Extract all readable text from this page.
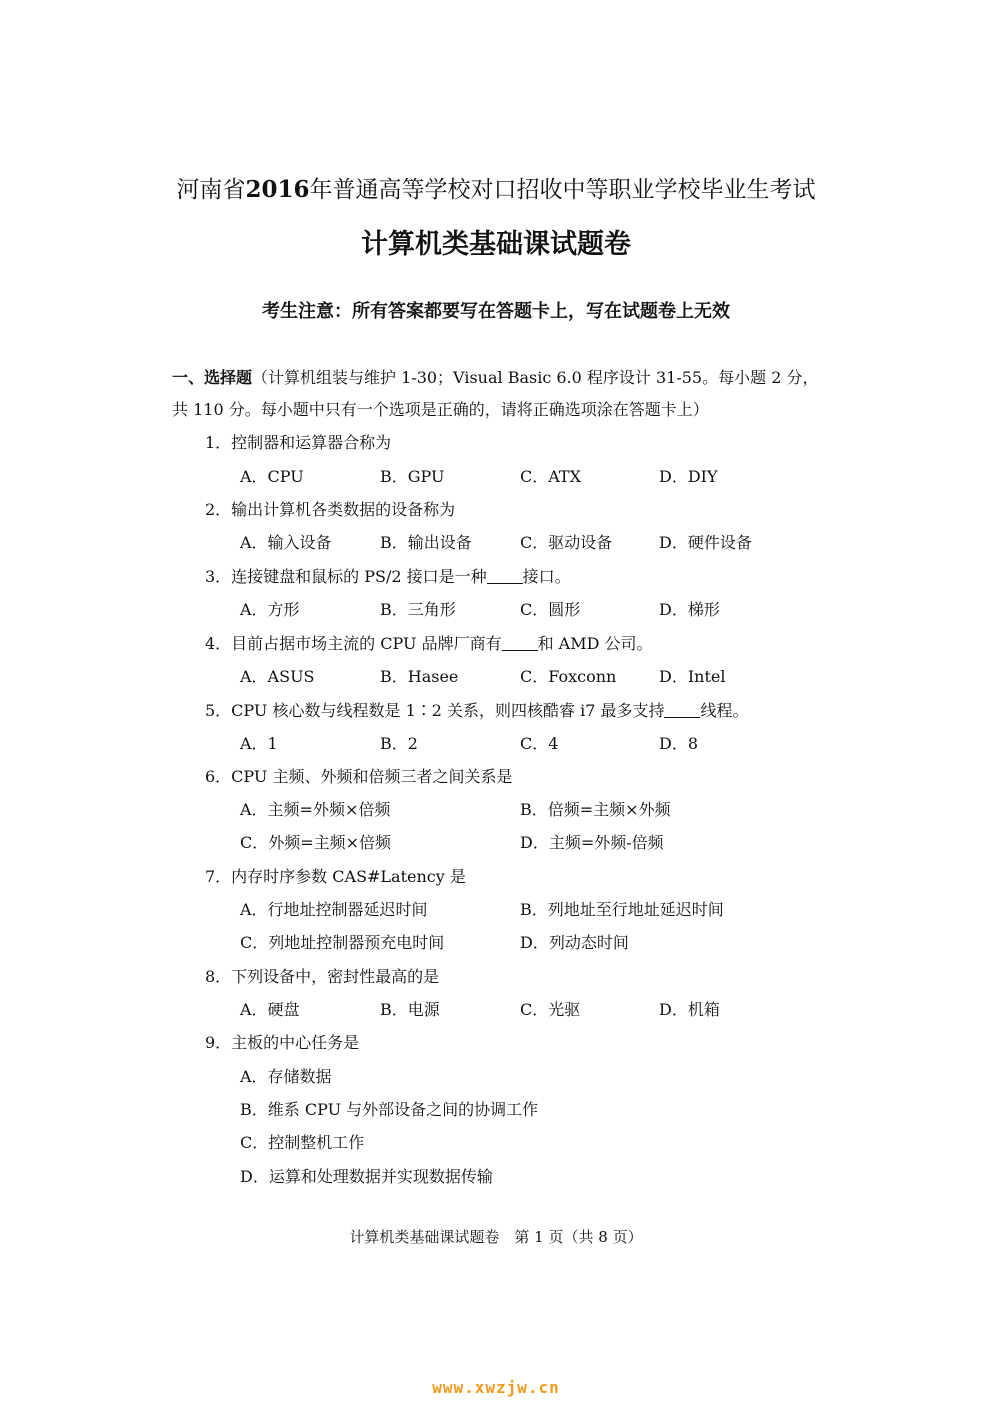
河南省2016年普通高等学校对口招收中等职业学校毕业生考试
计算机类基础课试题卷
考生注意：所有答案都要写在答题卡上，写在试题卷上无效
一、选择题（计算机组装与维护 1-30；Visual Basic 6.0 程序设计 31-55。每小题 2 分，共 110 分。每小题中只有一个选项是正确的，请将正确选项涂在答题卡上）
1．控制器和运算器合称为
A．CPU	B．GPU	C．ATX	D．DIY
2．输出计算机各类数据的设备称为
A．输入设备	B．输出设备	C．驱动设备	D．硬件设备
3．连接键盘和鼠标的 PS/2 接口是一种 接口。
A．方形	B．三角形	C．圆形	D．梯形
4．目前占据市场主流的 CPU 品牌厂商有 和 AMD 公司。
A．ASUS	B．Hasee	C．Foxconn	D．Intel
5．CPU 核心数与线程数是 1∶2 关系，则四核酷睿 i7 最多支持 线程。
A．1	B．2	C．4	D．8
6．CPU 主频、外频和倍频三者之间关系是
A．主频=外频×倍频	B．倍频=主频×外频
C．外频=主频×倍频	D．主频=外频-倍频
7．内存时序参数 CAS#Latency 是
A．行地址控制器延迟时间	B．列地址至行地址延迟时间
C．列地址控制器预充电时间	D．列动态时间
8．下列设备中，密封性最高的是
A．硬盘	B．电源	C．光驱	D．机箱
9．主板的中心任务是
A．存储数据
B．维系 CPU 与外部设备之间的协调工作
C．控制整机工作
D．运算和处理数据并实现数据传输
计算机类基础课试题卷　第 1 页（共 8 页）
www.xwzjw.cn
